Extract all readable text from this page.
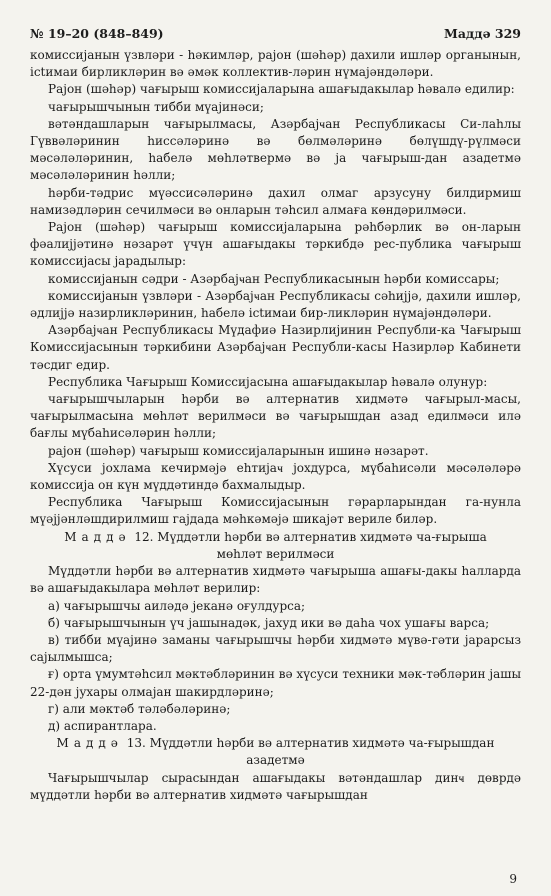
№ 19–20 (848–849)	Маддә 329

комиссијанын үзвләри - һәкимләр, рајон (шәһәр) дахили ишләр органынын, ictимаи бирликләрин вә әмәк коллектив-ләрин нүмајәндәләри.

Рајон (шәһәр) чағырыш комиссијаларына ашағыдакылар һәвалә едилир:

чағырышчынын тибби мүајинәси;

вәтәндашларын чағырылмасы, Азәрбајҹан Республикасы Си-лаһлы Гүввәләринин һиссәләринә вә бөлмәләринә бөлүшдү-рүлмәси мәсәләләринин, һабелә мөһләтвермә вә ја чағырыш-дан азадетмә мәсәләләринин һәлли;

һәрби-тәдрис мүәссисәләринә дахил олмаг арзусуну билдирмиш намизәдләрин сечилмәси вә онларын тәһсил алмаға көндәрилмәси.

Рајон (шәһәр) чағырыш комиссијаларына рәһбәрлик вә он-ларын фәалијјәтинә нәзарәт үчүн ашағыдакы тәркибдә рес-публика чағырыш комиссијасы јарадылыр:

комиссијанын сәдри - Азәрбајҹан Республикасынын һәрби комиссары;

комиссијанын үзвләри - Азәрбајҹан Республикасы сәһијјә, дахили ишләр, әдлијјә назирликләринин, һабелә ictимаи бир-ликләрин нүмајәндәләри.

Азәрбајҹан Республикасы Мүдафиә Назирлијинин Республи-ка Чағырыш Комиссијасынын тәркибини Азәрбајҹан Республи-касы Назирләр Кабинети тәсдиг едир.

Республика Чағырыш Комиссијасына ашағыдакылар һәвалә олунур:

чағырышчыларын һәрби вә алтернатив хидмәтә чағырыл-масы, чағырылмасына мөһләт верилмәси вә чағырышдан азад едилмәси илә бағлы мүбаһисәләрин һәлли;

рајон (шәһәр) чағырыш комиссијаларынын ишинә нәзарәт.

Хүсуси јохлама кечирмәјә еhтијаҹ јохдурса, мүбаһисәли мәсәләләрә комиссија он күн мүддәтиндә бахмалыдыр.

Республика Чағырыш Комиссијасынын гәрарларындан га-нунла мүәјјәнләшдирилмиш гајдада мәһкәмәјә шикајәт вериле биләр.

Маддә 12. Мүддәтли һәрби вә алтернатив хидмәтә ча-ғырыша мөһләт верилмәси

Мүддәтли һәрби вә алтернатив хидмәтә чағырыша ашағы-дакы һалларда вә ашағыдакылара мөһләт верилир:

а) чағырышчы аиләдә јеканә оғулдурса;

б) чағырышчынын үч јашынадәк, јахуд ики вә даһа чох ушағы варса;

в) тибби мүајинә заманы чағырышчы һәрби хидмәтә мүвә-гәти јарарсыз сајылмышса;

ғ) орта үмумтәһсил мәктәбләринин вә хүсуси техники мәк-тәбләрин јашы 22-дән јухары олмајан шакирдләринә;

г) али мәктәб тәләбәләринә;

д) аспирантлара.

Маддә 13. Мүддәтли һәрби вә алтернатив хидмәтә ча-ғырышдан азадетмә

Чағырышчылар сырасындан ашағыдакы вәтәндашлар динҹ дөврдә мүддәтли һәрби вә алтернатив хидмәтә чағырышдан

9
